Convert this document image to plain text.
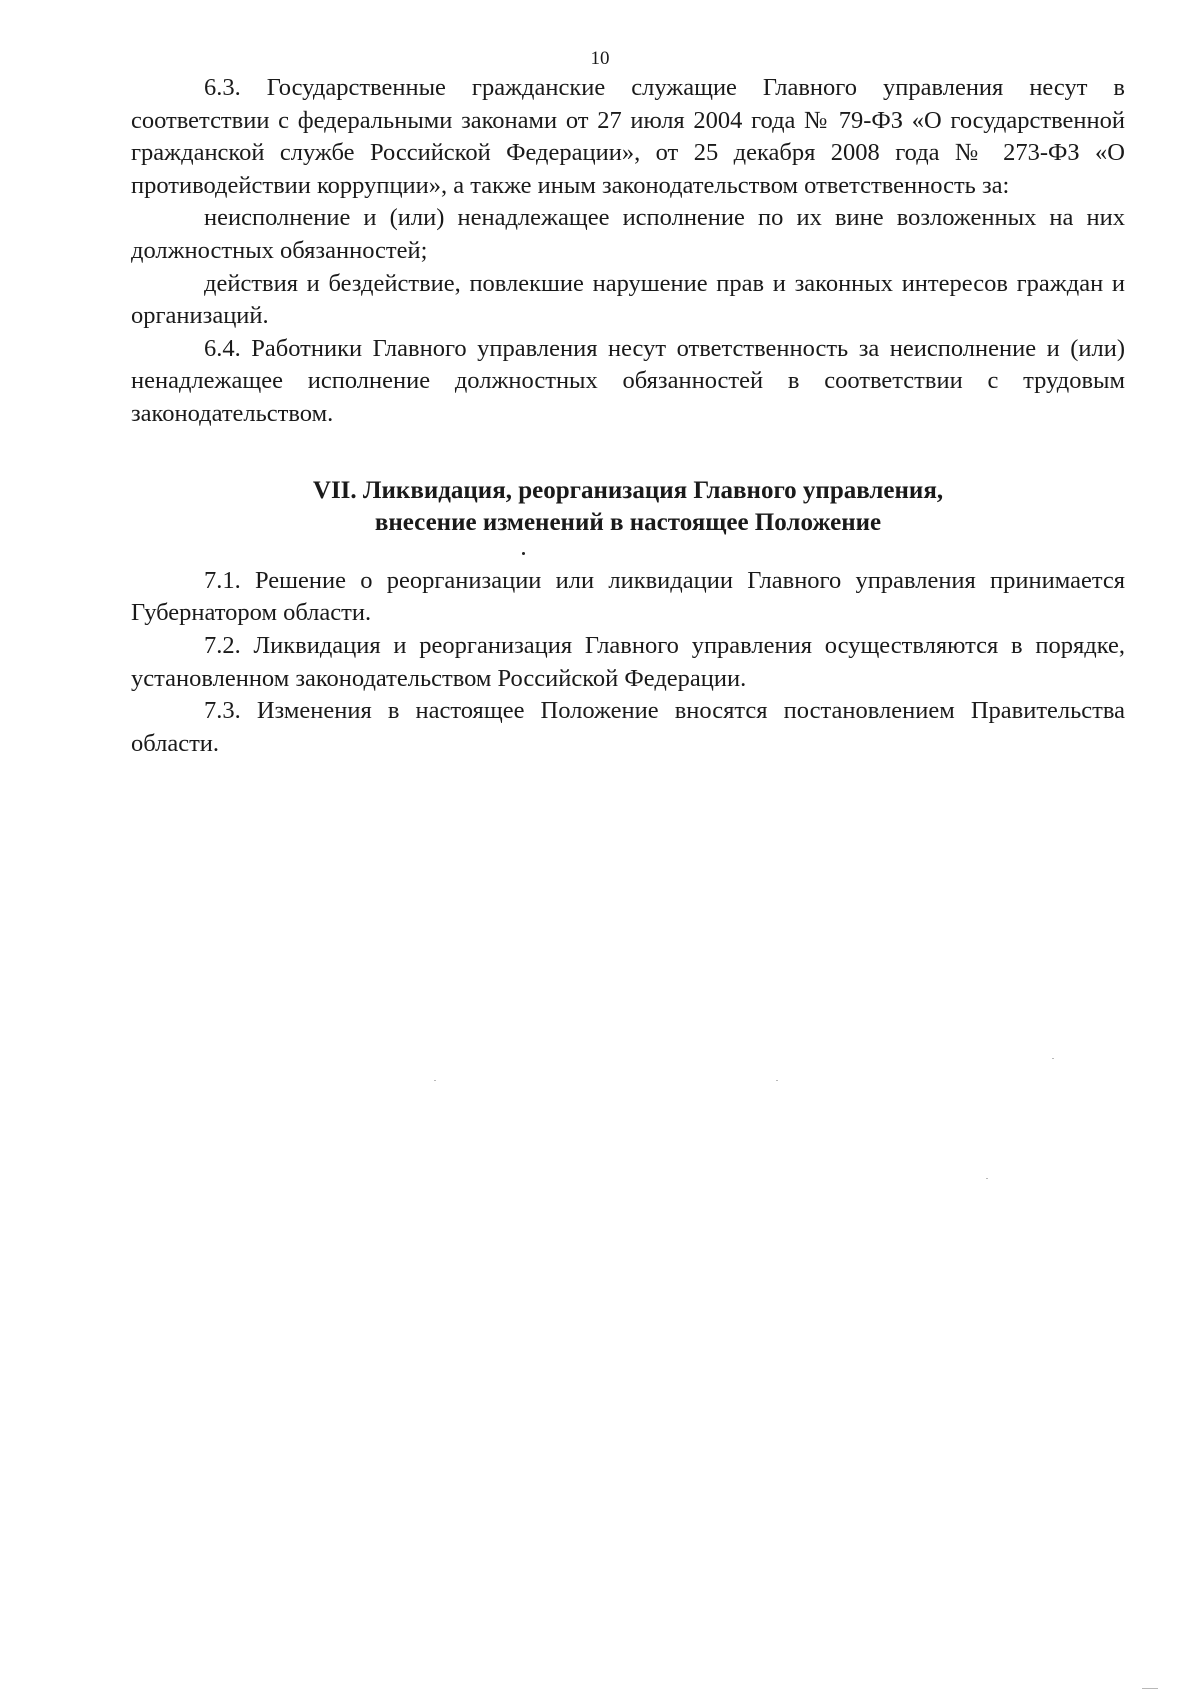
10

6.3. Государственные гражданские служащие Главного управления несут в соответствии с федеральными законами от 27 июля 2004 года № 79-ФЗ «О государственной гражданской службе Российской Федерации», от 25 декабря 2008 года № 273-ФЗ «О противодействии коррупции», а также иным законодательством ответственность за:

неисполнение и (или) ненадлежащее исполнение по их вине возложенных на них должностных обязанностей;

действия и бездействие, повлекшие нарушение прав и законных интересов граждан и организаций.

6.4. Работники Главного управления несут ответственность за неисполнение и (или) ненадлежащее исполнение должностных обязанностей в соответствии с трудовым законодательством.

VII. Ликвидация, реорганизация Главного управления,
внесение изменений в настоящее Положение

7.1. Решение о реорганизации или ликвидации Главного управления принимается Губернатором области.

7.2. Ликвидация и реорганизация Главного управления осуществляются в порядке, установленном законодательством Российской Федерации.

7.3. Изменения в настоящее Положение вносятся постановлением Правительства области.
